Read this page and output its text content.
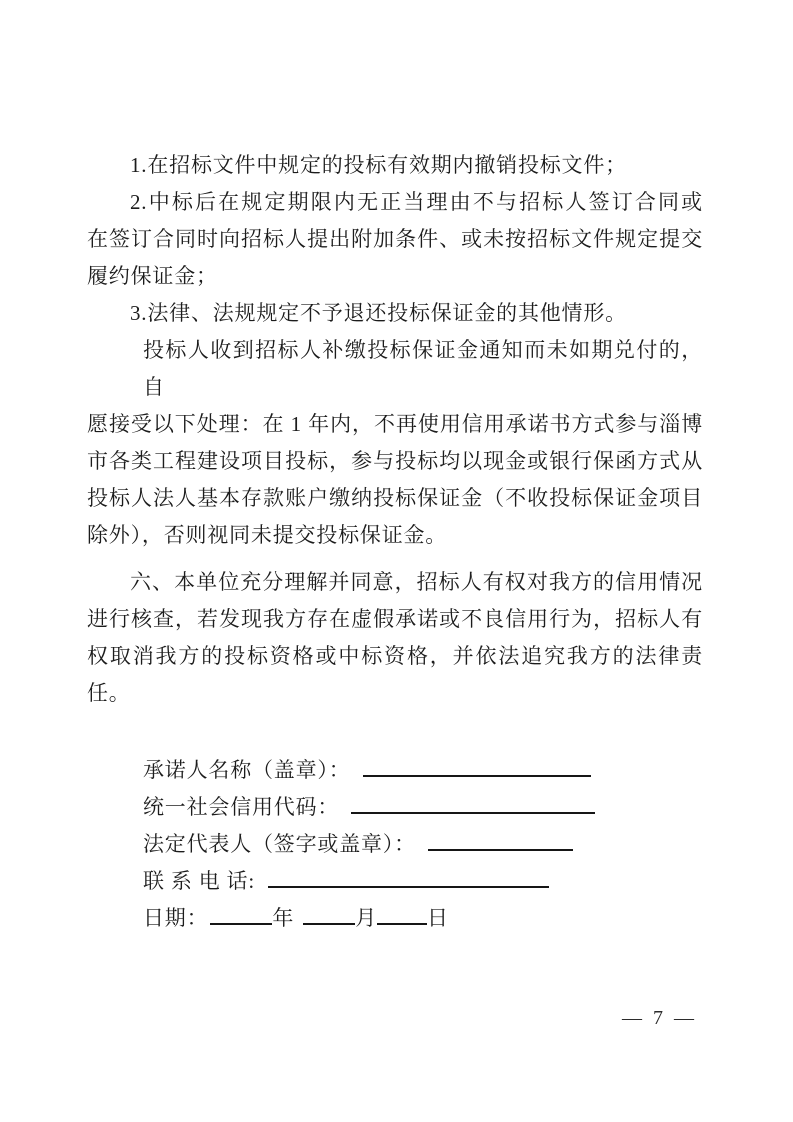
1.在招标文件中规定的投标有效期内撤销投标文件；
2.中标后在规定期限内无正当理由不与招标人签订合同或
在签订合同时向招标人提出附加条件、或未按招标文件规定提交
履约保证金；
3.法律、法规规定不予退还投标保证金的其他情形。
投标人收到招标人补缴投标保证金通知而未如期兑付的，自
愿接受以下处理：在 1 年内，不再使用信用承诺书方式参与淄博
市各类工程建设项目投标，参与投标均以现金或银行保函方式从
投标人法人基本存款账户缴纳投标保证金（不收投标保证金项目
除外），否则视同未提交投标保证金。
六、本单位充分理解并同意，招标人有权对我方的信用情况
进行核查，若发现我方存在虚假承诺或不良信用行为，招标人有
权取消我方的投标资格或中标资格，并依法追究我方的法律责
任。
承诺人名称（盖章）：
统一社会信用代码：
法定代表人（签字或盖章）：
联 系 电 话:
日期：	年	月 日
— 7 —
